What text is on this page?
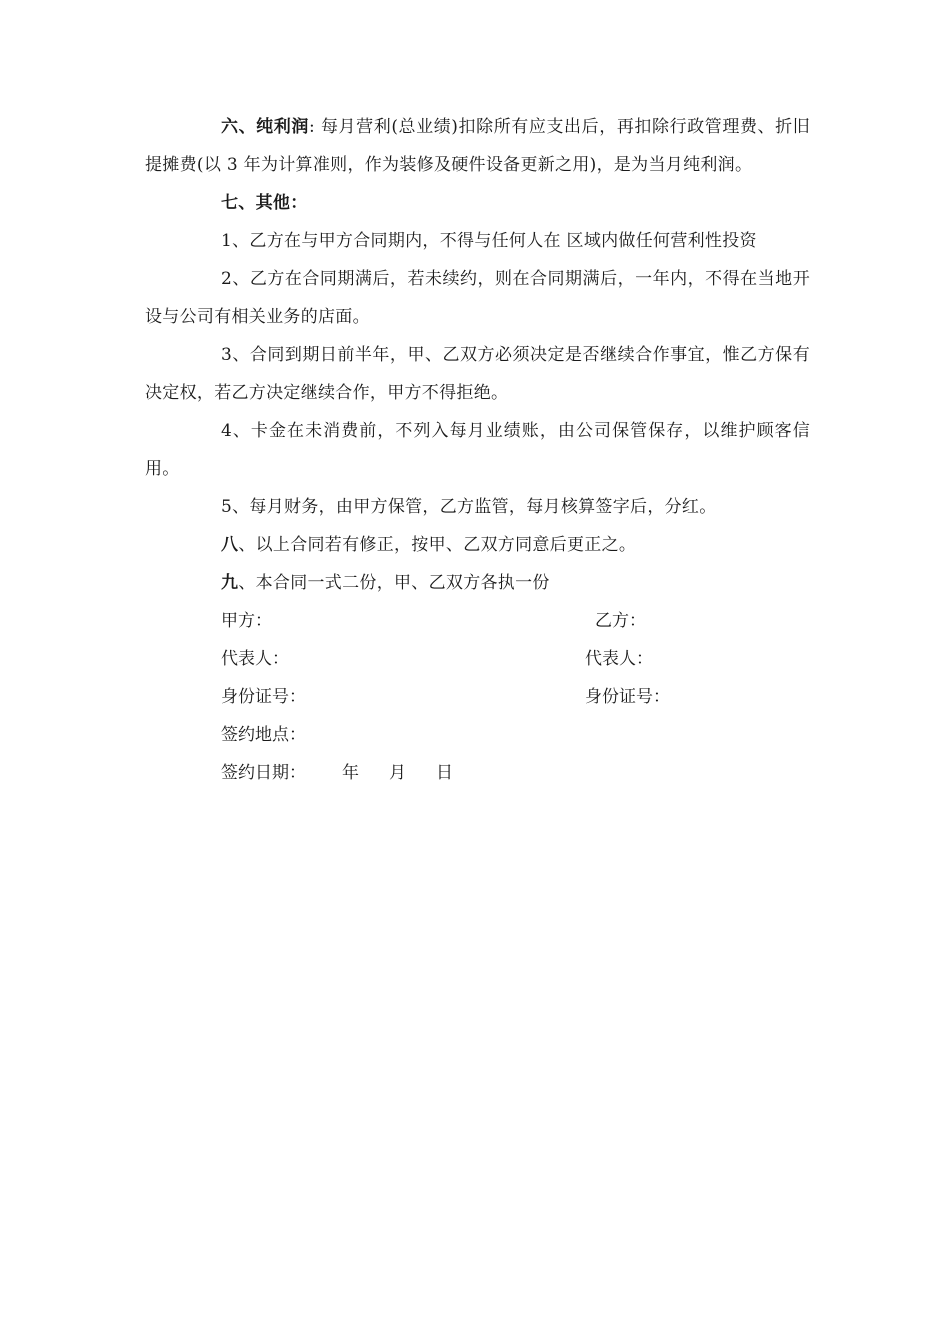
六、纯利润: 每月营利(总业绩)扣除所有应支出后，再扣除行政管理费、折旧提摊费(以 3 年为计算准则，作为装修及硬件设备更新之用)，是为当月纯利润。

七、其他：

1、乙方在与甲方合同期内，不得与任何人在 区域内做任何营利性投资

2、乙方在合同期满后，若未续约，则在合同期满后，一年内，不得在当地开设与公司有相关业务的店面。

3、合同到期日前半年，甲、乙双方必须决定是否继续合作事宜，惟乙方保有决定权，若乙方决定继续合作，甲方不得拒绝。

4、卡金在未消费前，不列入每月业绩账，由公司保管保存，以维护顾客信用。

5、每月财务，由甲方保管，乙方监管，每月核算签字后，分红。

八、以上合同若有修正，按甲、乙双方同意后更正之。

九、本合同一式二份，甲、乙双方各执一份

甲方：	乙方：
代表人：	代表人：
身份证号：	身份证号：
签约地点：
签约日期： 年 月 日
